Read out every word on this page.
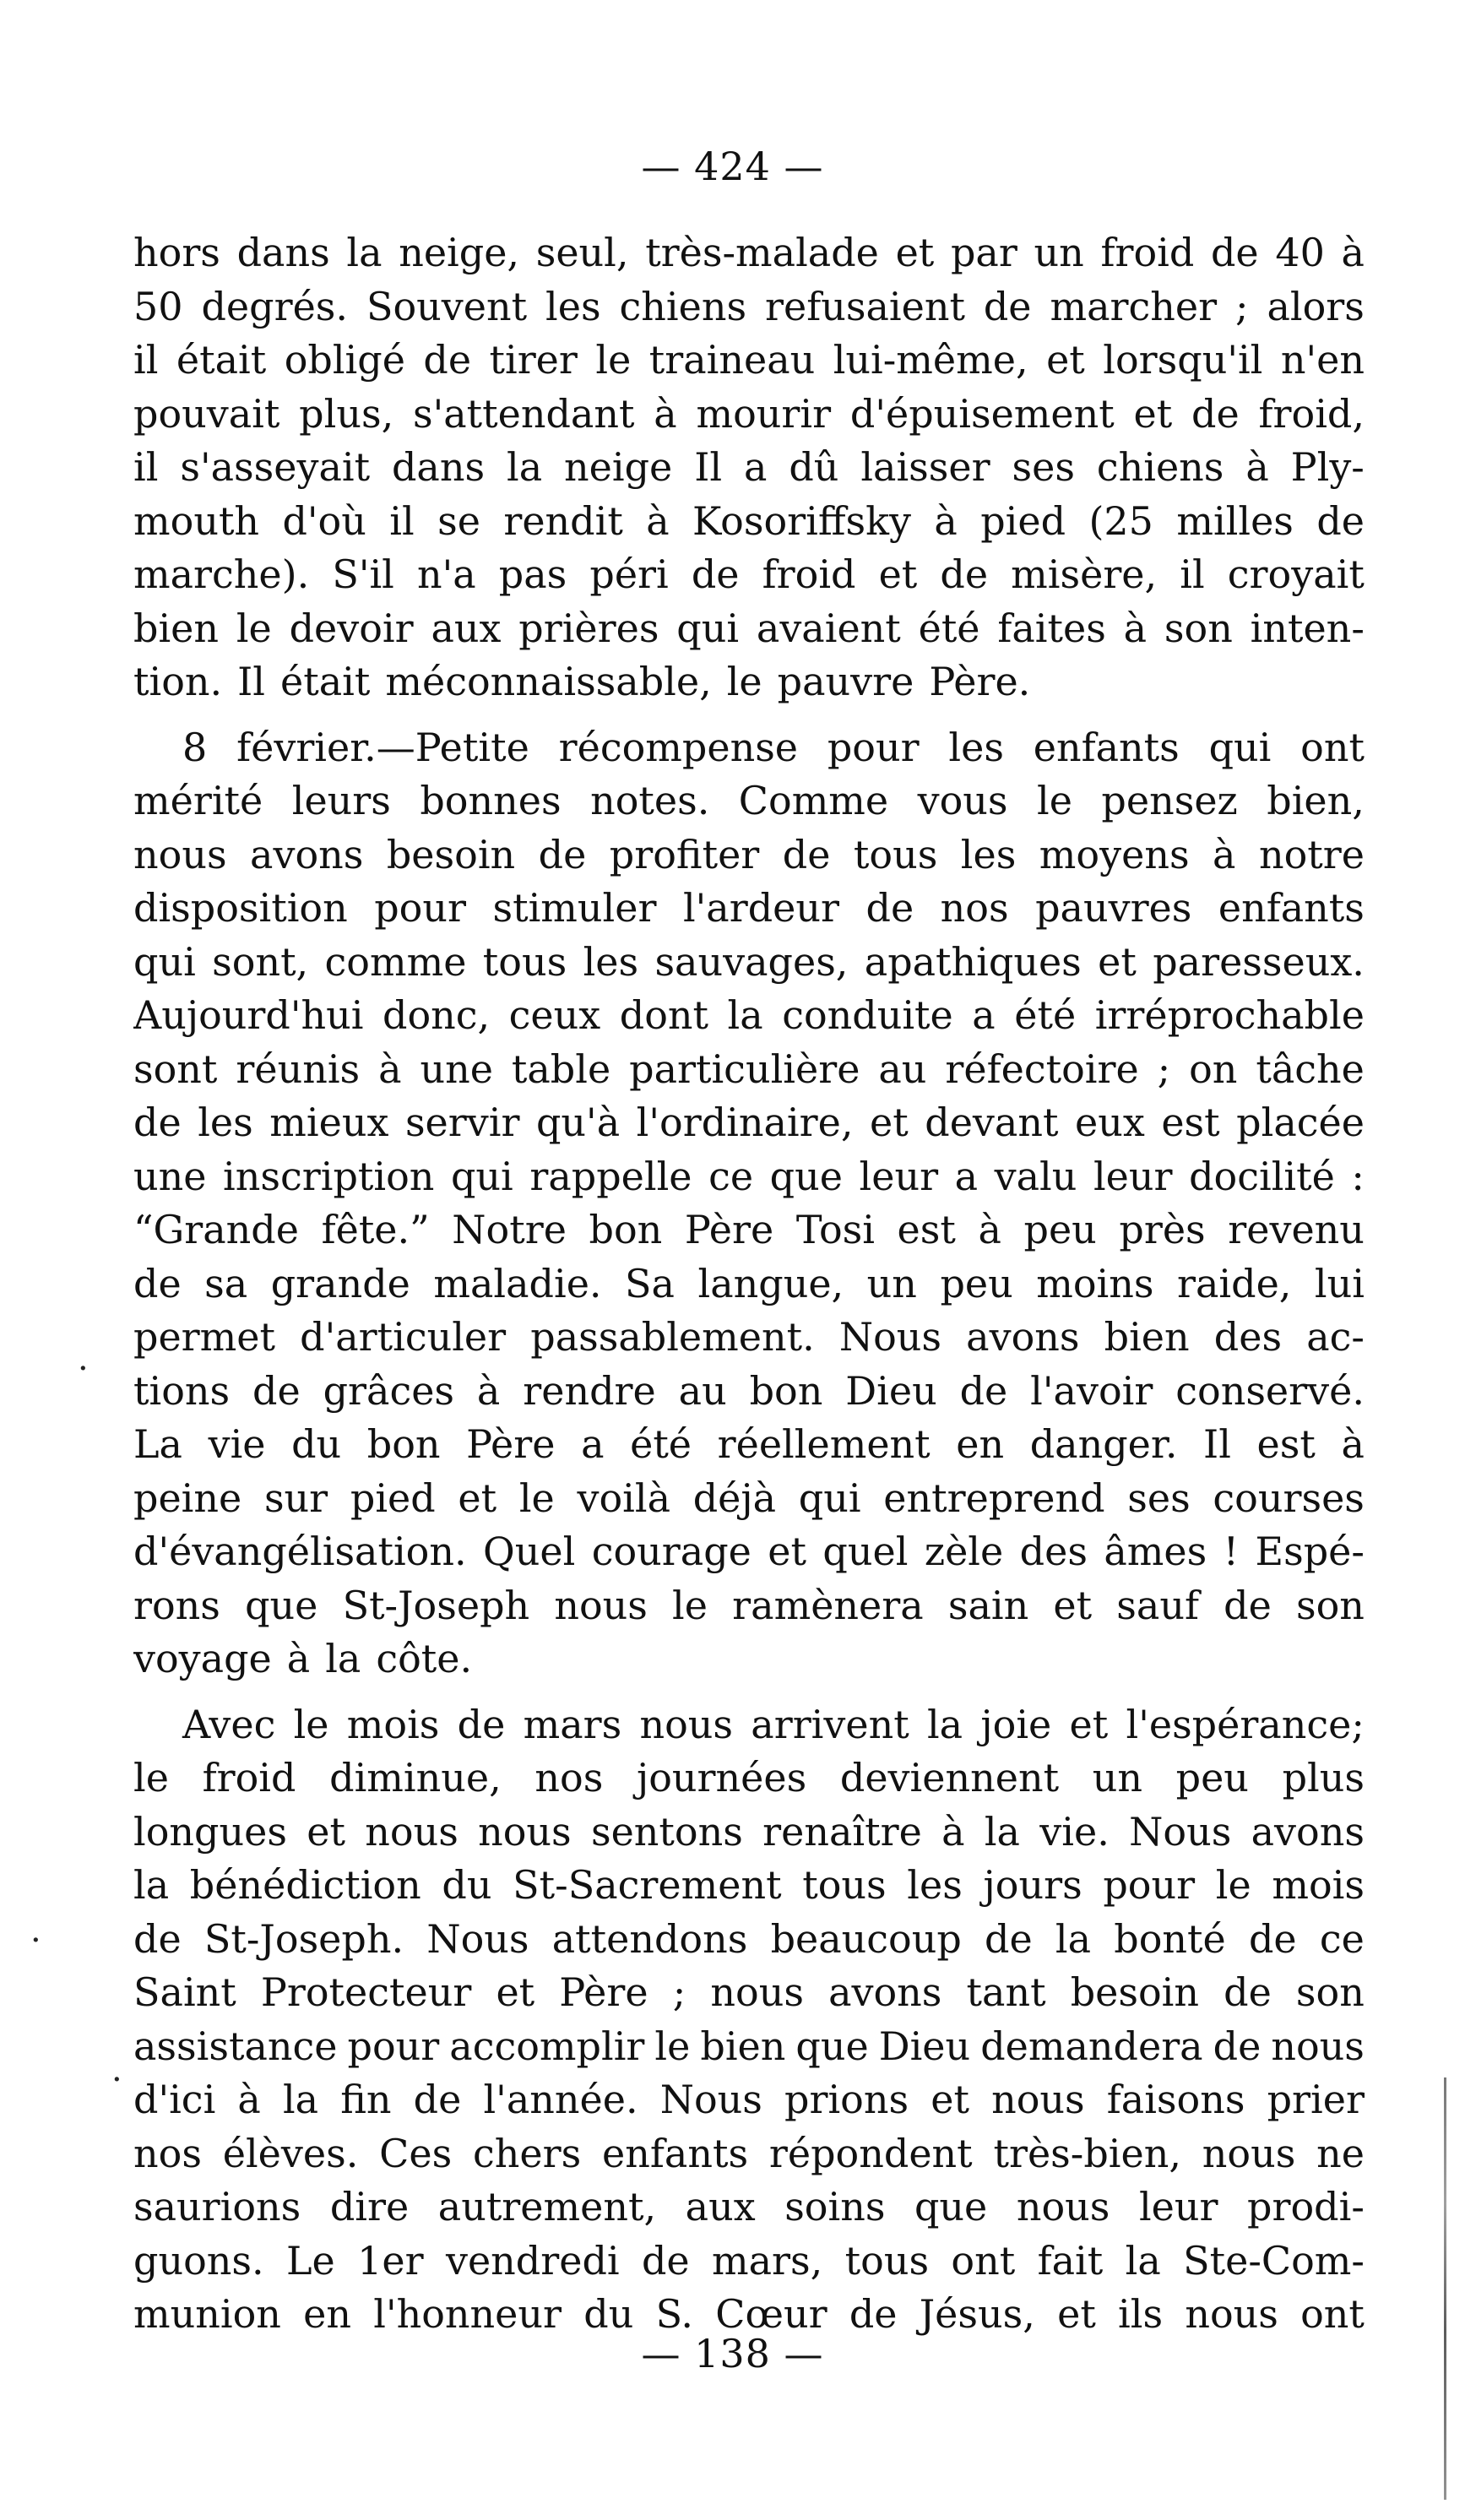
— 424 —
hors dans la neige, seul, très-malade et par un froid de 40 à
50 degrés. Souvent les chiens refusaient de marcher ; alors
il était obligé de tirer le traineau lui-même, et lorsqu'il n'en
pouvait plus, s'attendant à mourir d'épuisement et de froid,
il s'asseyait dans la neige Il a dû laisser ses chiens à Ply-
mouth d'où il se rendit à Kosoriffsky à pied (25 milles de
marche). S'il n'a pas péri de froid et de misère, il croyait
bien le devoir aux prières qui avaient été faites à son inten-
tion. Il était méconnaissable, le pauvre Père.
8 février.—Petite récompense pour les enfants qui ont
mérité leurs bonnes notes. Comme vous le pensez bien,
nous avons besoin de profiter de tous les moyens à notre
disposition pour stimuler l'ardeur de nos pauvres enfants
qui sont, comme tous les sauvages, apathiques et paresseux.
Aujourd'hui donc, ceux dont la conduite a été irréprochable
sont réunis à une table particulière au réfectoire ; on tâche
de les mieux servir qu'à l'ordinaire, et devant eux est placée
une inscription qui rappelle ce que leur a valu leur docilité :
“Grande fête.” Notre bon Père Tosi est à peu près revenu
de sa grande maladie. Sa langue, un peu moins raide, lui
permet d'articuler passablement. Nous avons bien des ac-
tions de grâces à rendre au bon Dieu de l'avoir conservé.
La vie du bon Père a été réellement en danger. Il est à
peine sur pied et le voilà déjà qui entreprend ses courses
d'évangélisation. Quel courage et quel zèle des âmes ! Espé-
rons que St-Joseph nous le ramènera sain et sauf de son
voyage à la côte.
Avec le mois de mars nous arrivent la joie et l'espérance;
le froid diminue, nos journées deviennent un peu plus
longues et nous nous sentons renaître à la vie. Nous avons
la bénédiction du St-Sacrement tous les jours pour le mois
de St-Joseph. Nous attendons beaucoup de la bonté de ce
Saint Protecteur et Père ; nous avons tant besoin de son
assistance pour accomplir le bien que Dieu demandera de nous
d'ici à la fin de l'année. Nous prions et nous faisons prier
nos élèves. Ces chers enfants répondent très-bien, nous ne
saurions dire autrement, aux soins que nous leur prodi-
guons. Le 1er vendredi de mars, tous ont fait la Ste-Com-
munion en l'honneur du S. Cœur de Jésus, et ils nous ont
— 138 —
·
·
·
